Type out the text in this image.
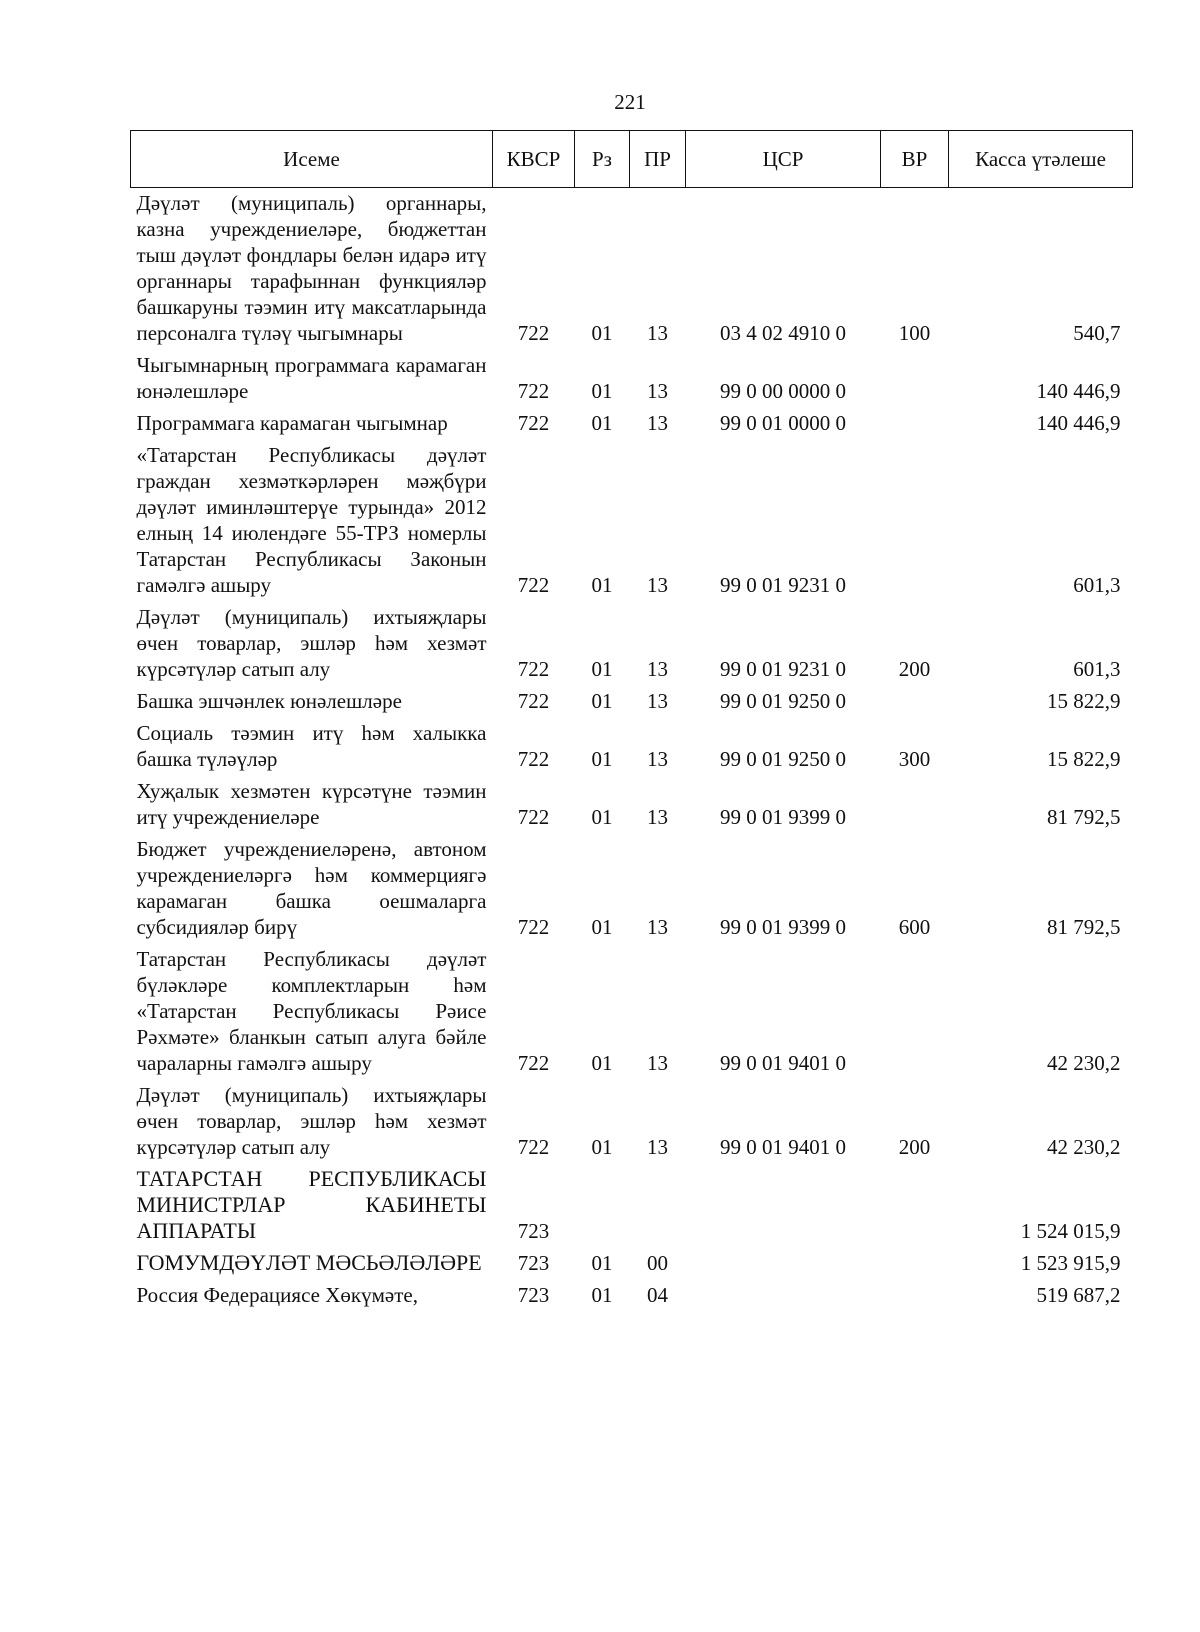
221
Исеме	КВСР	Рз	ПР	ЦСР	ВР	Касса үтәлеше
Дәүләт (муниципаль) органнары, казна учреждениеләре, бюджеттан тыш дәүләт фондлары белән идарә итү органнары тарафыннан функцияләр башкаруны тәэмин итү максатларында персоналга түләү чыгымнары	722	01	13	03 4 02 4910 0	100	540,7
Чыгымнарның программага карамаган юнәлешләре	722	01	13	99 0 00 0000 0		140 446,9
Программага карамаган чыгымнар	722	01	13	99 0 01 0000 0		140 446,9
«Татарстан Республикасы дәүләт граждан хезмәткәрләрен мәҗбүри дәүләт иминләштерүе турында» 2012 елның 14 июлендәге 55-ТРЗ номерлы Татарстан Республикасы Законын гамәлгә ашыру	722	01	13	99 0 01 9231 0		601,3
Дәүләт (муниципаль) ихтыяҗлары өчен товарлар, эшләр һәм хезмәт күрсәтүләр сатып алу	722	01	13	99 0 01 9231 0	200	601,3
Башка эшчәнлек юнәлешләре	722	01	13	99 0 01 9250 0		15 822,9
Социаль тәэмин итү һәм халыкка башка түләүләр	722	01	13	99 0 01 9250 0	300	15 822,9
Хуҗалык хезмәтен күрсәтүне тәэмин итү учреждениеләре	722	01	13	99 0 01 9399 0		81 792,5
Бюджет учреждениеләренә, автоном учреждениеләргә һәм коммерциягә карамаган башка оешмаларга субсидияләр бирү	722	01	13	99 0 01 9399 0	600	81 792,5
Татарстан Республикасы дәүләт бүләкләре комплектларын һәм «Татарстан Республикасы Рәисе Рәхмәте» бланкын сатып алуга бәйле чараларны гамәлгә ашыру	722	01	13	99 0 01 9401 0		42 230,2
Дәүләт (муниципаль) ихтыяҗлары өчен товарлар, эшләр һәм хезмәт күрсәтүләр сатып алу	722	01	13	99 0 01 9401 0	200	42 230,2
ТАТАРСТАН РЕСПУБЛИКАСЫ МИНИСТРЛАР КАБИНЕТЫ АППАРАТЫ	723					1 524 015,9
ГОМУМДӘҮЛӘТ МӘСЬӘЛӘЛӘРЕ	723	01	00			1 523 915,9
Россия Федерациясе Хөкүмәте,	723	01	04			519 687,2
